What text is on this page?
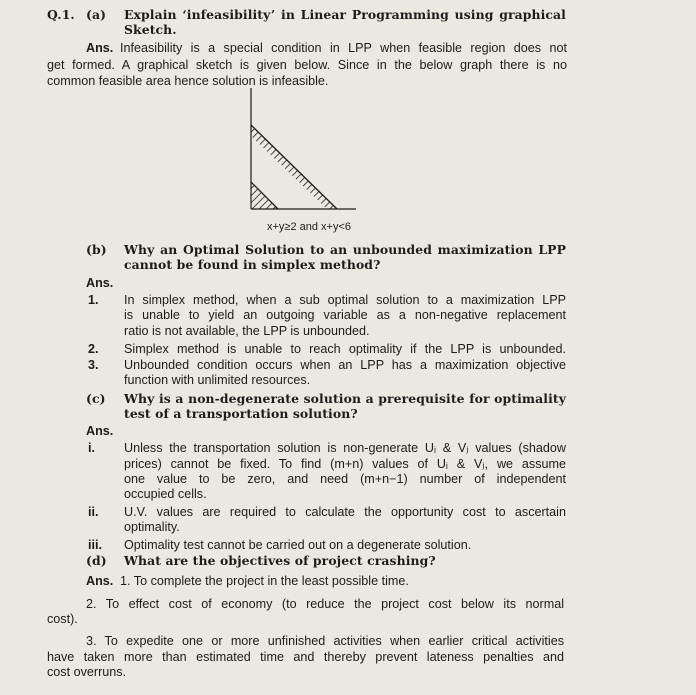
Q.1. (a) Explain ‘infeasibility’ in Linear Programming using graphical
Sketch.
Ans. Infeasibility is a special condition in LPP when feasible region does not
get formed. A graphical sketch is given below. Since in the below graph there is no
common feasible area hence solution is infeasible.
x+y≥2 and x+y<6
(b) Why an Optimal Solution to an unbounded maximization LPP
cannot be found in simplex method?
Ans.
1. In simplex method, when a sub optimal solution to a maximization LPP
is unable to yield an outgoing variable as a non-negative replacement
ratio is not available, the LPP is unbounded.
2. Simplex method is unable to reach optimality if the LPP is unbounded.
3. Unbounded condition occurs when an LPP has a maximization objective
function with unlimited resources.
(c) Why is a non-degenerate solution a prerequisite for optimality
test of a transportation solution?
Ans.
i. Unless the transportation solution is non-generate Uᵢ & Vⱼ values (shadow
prices) cannot be fixed. To find (m+n) values of Uᵢ & Vⱼ, we assume
one value to be zero, and need (m+n−1) number of independent
occupied cells.
ii. U.V. values are required to calculate the opportunity cost to ascertain
optimality.
iii. Optimality test cannot be carried out on a degenerate solution.
(d) What are the objectives of project crashing?
Ans. 1. To complete the project in the least possible time.
2. To effect cost of economy (to reduce the project cost below its normal
cost).
3. To expedite one or more unfinished activities when earlier critical activities
have taken more than estimated time and thereby prevent lateness penalties and
cost overruns.
